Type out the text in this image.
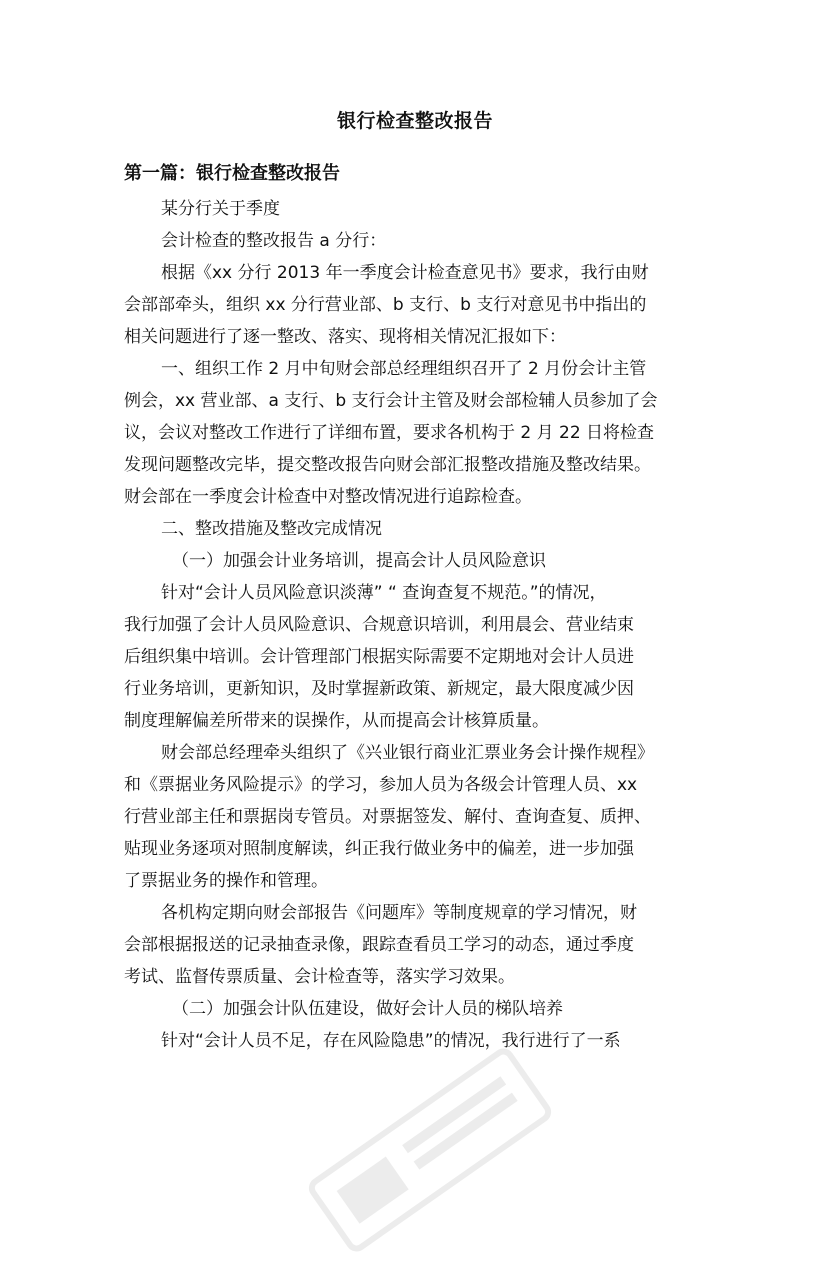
银行检查整改报告
第一篇：银行检查整改报告
某分行关于季度
会计检查的整改报告 a 分行：
根据《xx 分行 2013 年一季度会计检查意见书》要求，我行由财
会部部牵头，组织 xx 分行营业部、b 支行、b 支行对意见书中指出的
相关问题进行了逐一整改、落实、现将相关情况汇报如下：
一、组织工作 2 月中旬财会部总经理组织召开了 2 月份会计主管
例会，xx 营业部、a 支行、b 支行会计主管及财会部检辅人员参加了会
议，会议对整改工作进行了详细布置，要求各机构于 2 月 22 日将检查
发现问题整改完毕，提交整改报告向财会部汇报整改措施及整改结果。
财会部在一季度会计检查中对整改情况进行追踪检查。
二、整改措施及整改完成情况
（一）加强会计业务培训，提高会计人员风险意识
针对“会计人员风险意识淡薄” “ 查询查复不规范。”的情况，
我行加强了会计人员风险意识、合规意识培训，利用晨会、营业结束
后组织集中培训。会计管理部门根据实际需要不定期地对会计人员进
行业务培训，更新知识，及时掌握新政策、新规定，最大限度减少因
制度理解偏差所带来的误操作，从而提高会计核算质量。
财会部总经理牵头组织了《兴业银行商业汇票业务会计操作规程》
和《票据业务风险提示》的学习，参加人员为各级会计管理人员、xx
行营业部主任和票据岗专管员。对票据签发、解付、查询查复、质押、
贴现业务逐项对照制度解读，纠正我行做业务中的偏差，进一步加强
了票据业务的操作和管理。
各机构定期向财会部报告《问题库》等制度规章的学习情况，财
会部根据报送的记录抽查录像，跟踪查看员工学习的动态，通过季度
考试、监督传票质量、会计检查等，落实学习效果。
（二）加强会计队伍建设，做好会计人员的梯队培养
针对“会计人员不足，存在风险隐患”的情况，我行进行了一系
